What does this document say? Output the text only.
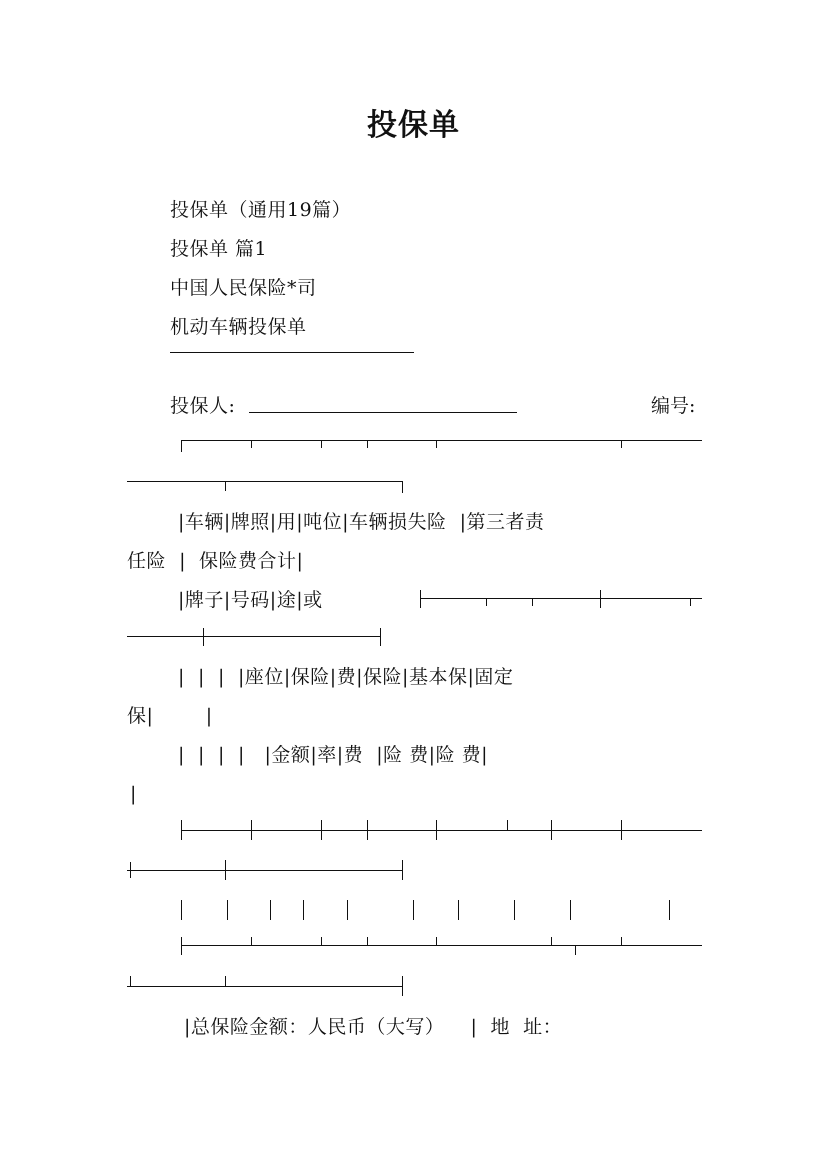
投保单
投保单（通用19篇）
投保单 篇1
中国人民保险*司
机动车辆投保单
投保人:	编号:
|车辆|牌照|用|吨位|车辆损失险  |第三者责
任险  |  保险费合计|
|牌子|号码|途|或
|  |  |  |座位|保险|费|保险|基本保|固定
保|        |
|  |  |  |   |金额|率|费  |险 费|险 费|
|
|总保险金额：人民币（大写）    |  地  址：
